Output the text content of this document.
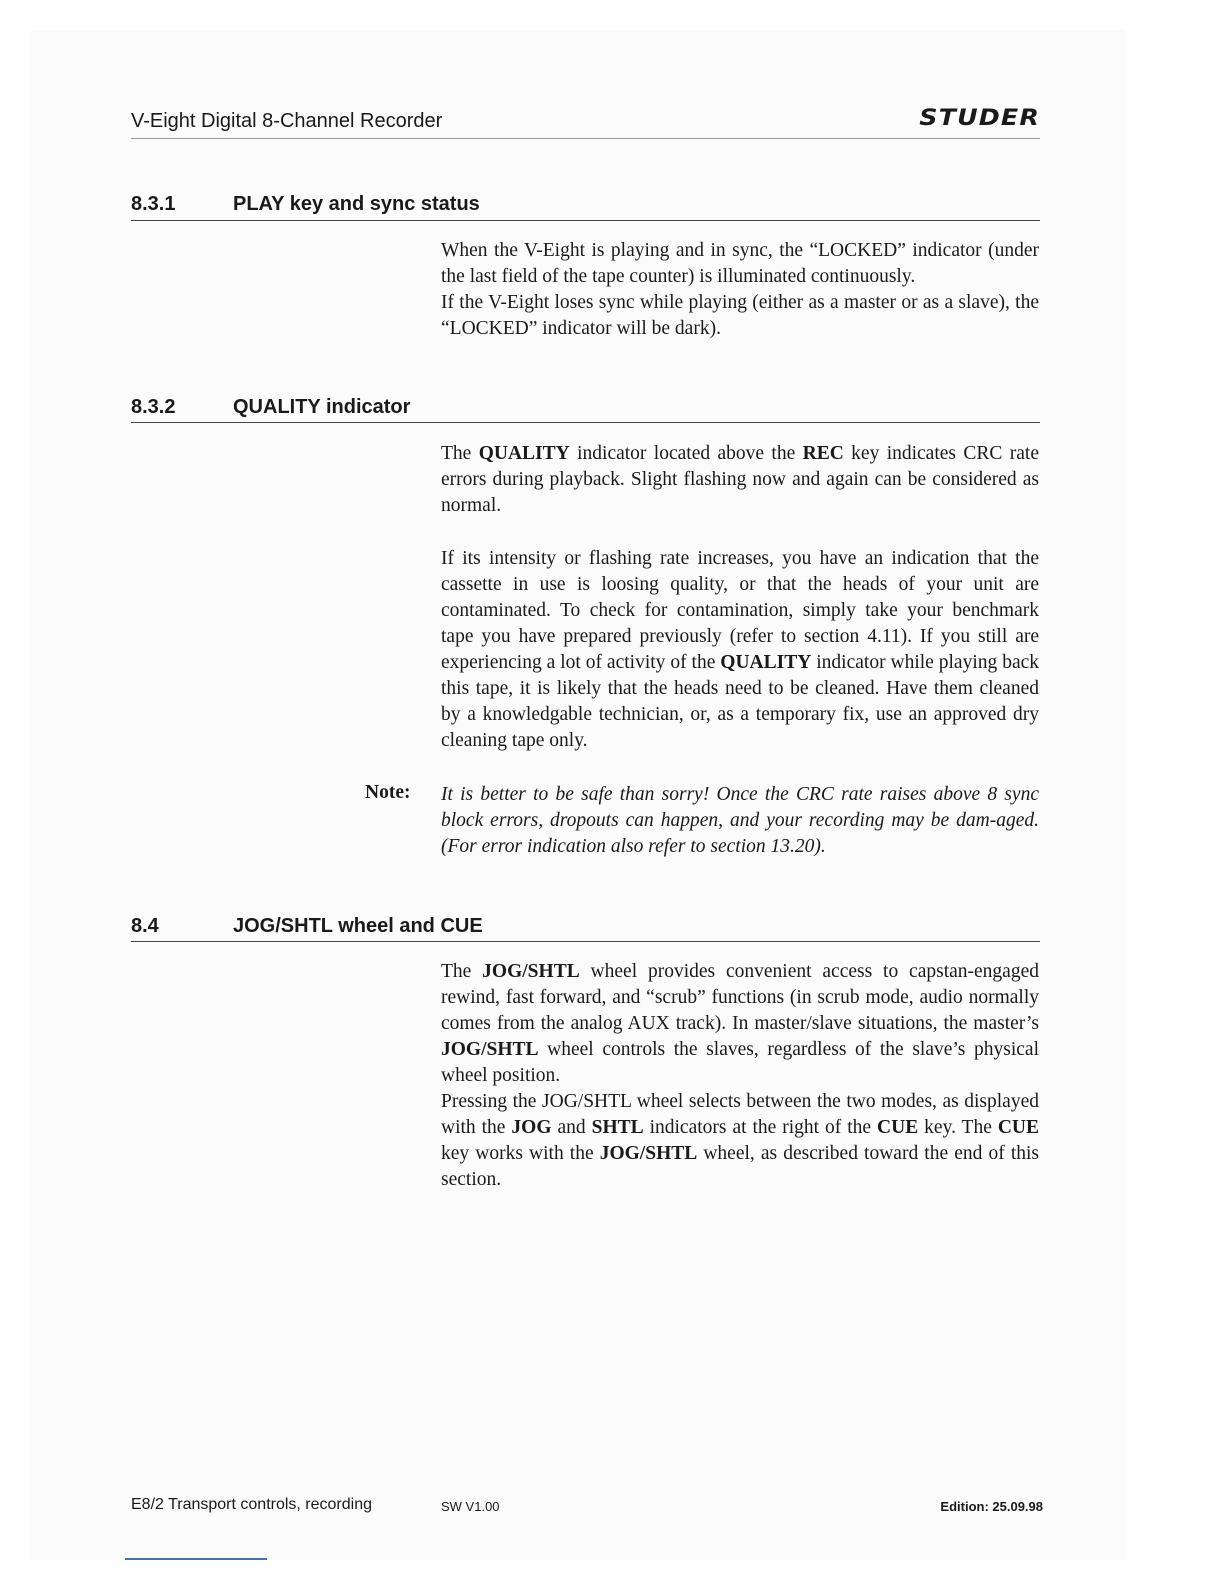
V-Eight Digital 8-Channel Recorder	STUDER
8.3.1	PLAY key and sync status
When the V-Eight is playing and in sync, the “LOCKED” indicator (under the last field of the tape counter) is illuminated continuously.
If the V-Eight loses sync while playing (either as a master or as a slave), the “LOCKED” indicator will be dark).
8.3.2	QUALITY indicator
The QUALITY indicator located above the REC key indicates CRC rate errors during playback. Slight flashing now and again can be considered as normal.
If its intensity or flashing rate increases, you have an indication that the cassette in use is loosing quality, or that the heads of your unit are contaminated. To check for contamination, simply take your benchmark tape you have prepared previously (refer to section 4.11). If you still are experiencing a lot of activity of the QUALITY indicator while playing back this tape, it is likely that the heads need to be cleaned. Have them cleaned by a knowledgable technician, or, as a temporary fix, use an approved dry cleaning tape only.
Note: It is better to be safe than sorry! Once the CRC rate raises above 8 sync block errors, dropouts can happen, and your recording may be dam-aged. (For error indication also refer to section 13.20).
8.4	JOG/SHTL wheel and CUE
The JOG/SHTL wheel provides convenient access to capstan-engaged rewind, fast forward, and “scrub” functions (in scrub mode, audio normally comes from the analog AUX track). In master/slave situations, the master’s JOG/SHTL wheel controls the slaves, regardless of the slave’s physical wheel position.
Pressing the JOG/SHTL wheel selects between the two modes, as displayed with the JOG and SHTL indicators at the right of the CUE key. The CUE key works with the JOG/SHTL wheel, as described toward the end of this section.
E8/2 Transport controls, recording	SW V1.00	Edition: 25.09.98
